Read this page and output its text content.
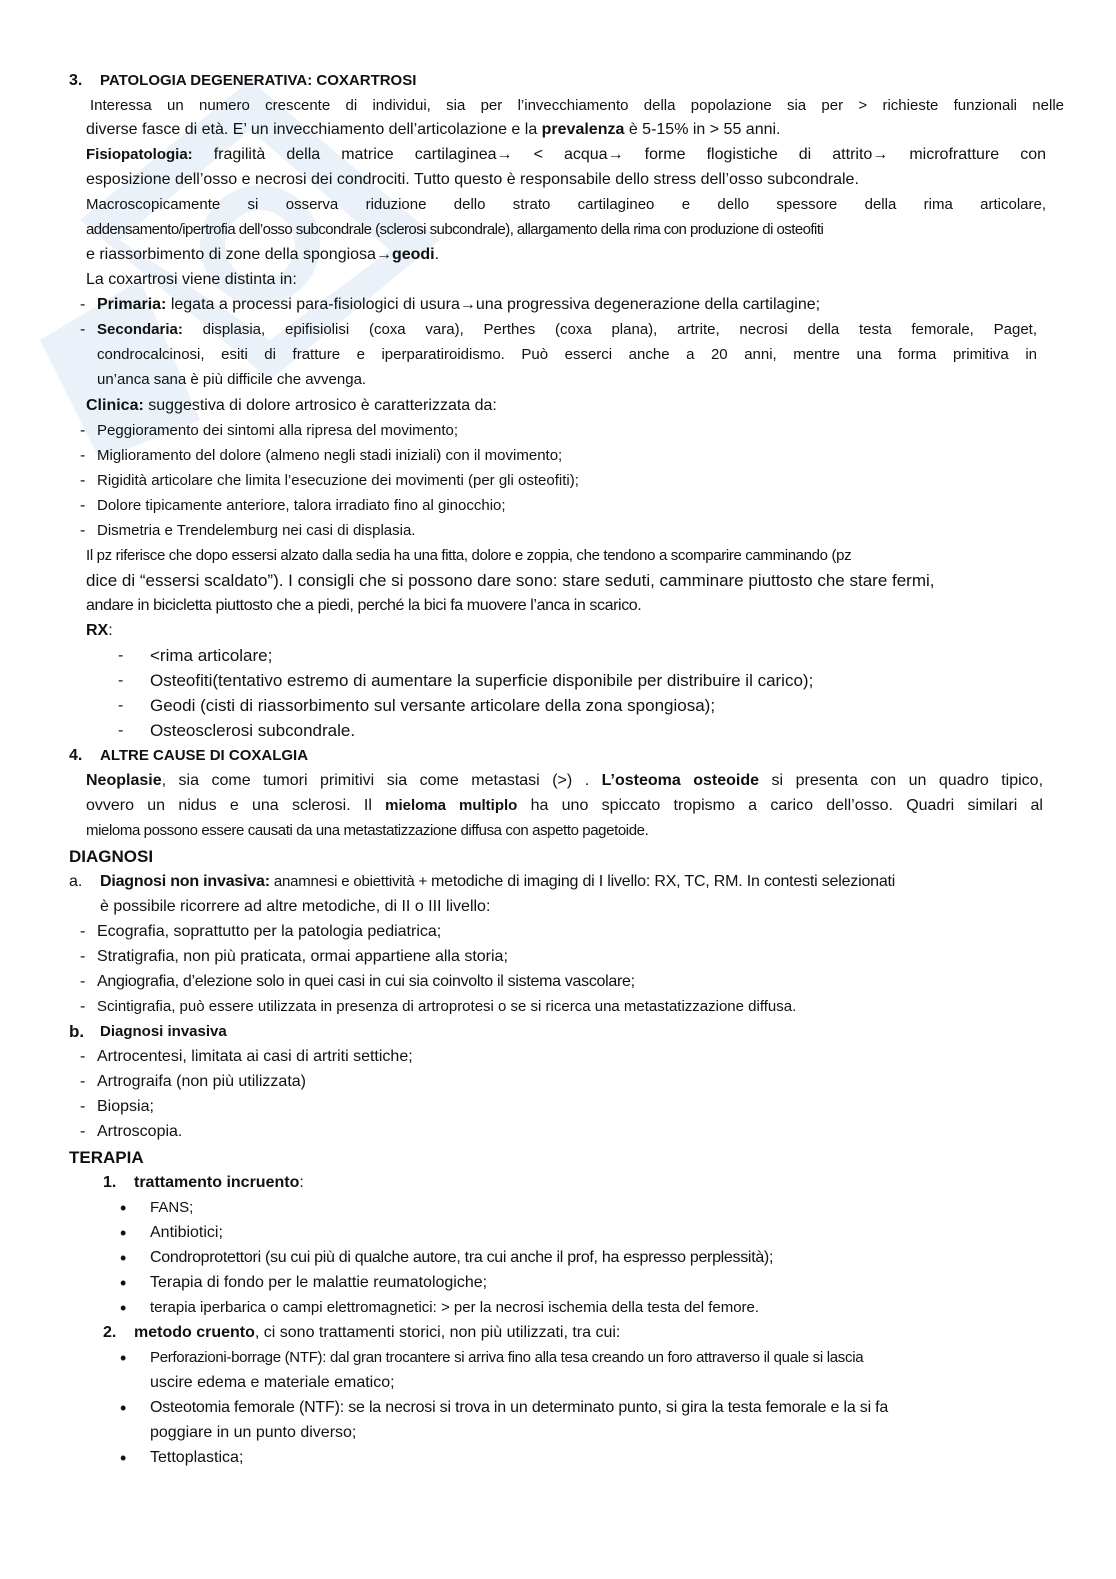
3. PATOLOGIA DEGENERATIVA: COXARTROSI
Interessa un numero crescente di individui, sia per l’invecchiamento della popolazione sia per > richieste funzionali nelle
diverse fasce di età. E’ un invecchiamento dell’articolazione e la prevalenza è 5-15% in > 55 anni.
Fisiopatologia: fragilità della matrice cartilaginea→ < acqua→ forme flogistiche di attrito→ microfratture con
esposizione dell’osso e necrosi dei condrociti. Tutto questo è responsabile dello stress dell’osso subcondrale.
Macroscopicamente si osserva riduzione dello strato cartilagineo e dello spessore della rima articolare,
addensamento/ipertrofia dell’osso subcondrale (sclerosi subcondrale), allargamento della rima con produzione di osteofiti
e riassorbimento di zone della spongiosa→geodi.
La coxartrosi viene distinta in:
- Primaria: legata a processi para-fisiologici di usura→una progressiva degenerazione della cartilagine;
- Secondaria: displasia, epifisiolisi (coxa vara), Perthes (coxa plana), artrite, necrosi della testa femorale, Paget,
condrocalcinosi, esiti di fratture e iperparatiroidismo. Può esserci anche a 20 anni, mentre una forma primitiva in
un’anca sana è più difficile che avvenga.
Clinica: suggestiva di dolore artrosico è caratterizzata da:
- Peggioramento dei sintomi alla ripresa del movimento;
- Miglioramento del dolore (almeno negli stadi iniziali) con il movimento;
- Rigidità articolare che limita l’esecuzione dei movimenti (per gli osteofiti);
- Dolore tipicamente anteriore, talora irradiato fino al ginocchio;
- Dismetria e Trendelemburg nei casi di displasia.
Il pz riferisce che dopo essersi alzato dalla sedia ha una fitta, dolore e zoppia, che tendono a scomparire camminando (pz
dice di “essersi scaldato”). I consigli che si possono dare sono: stare seduti, camminare piuttosto che stare fermi,
andare in bicicletta piuttosto che a piedi, perché la bici fa muovere l’anca in scarico.
RX:
- <rima articolare;
- Osteofiti(tentativo estremo di aumentare la superficie disponibile per distribuire il carico);
- Geodi (cisti di riassorbimento sul versante articolare della zona spongiosa);
- Osteosclerosi subcondrale.
4. ALTRE CAUSE DI COXALGIA
Neoplasie, sia come tumori primitivi sia come metastasi (>) . L’osteoma osteoide si presenta con un quadro tipico,
ovvero un nidus e una sclerosi. Il mieloma multiplo ha uno spiccato tropismo a carico dell’osso. Quadri similari al
mieloma possono essere causati da una metastatizzazione diffusa con aspetto pagetoide.
DIAGNOSI
a. Diagnosi non invasiva: anamnesi e obiettività + metodiche di imaging di I livello: RX, TC, RM. In contesti selezionati
è possibile ricorrere ad altre metodiche, di II o III livello:
- Ecografia, soprattutto per la patologia pediatrica;
- Stratigrafia, non più praticata, ormai appartiene alla storia;
- Angiografia, d’elezione solo in quei casi in cui sia coinvolto il sistema vascolare;
- Scintigrafia, può essere utilizzata in presenza di artroprotesi o se si ricerca una metastatizzazione diffusa.
b. Diagnosi invasiva
- Artrocentesi, limitata ai casi di artriti settiche;
- Artrograifa (non più utilizzata)
- Biopsia;
- Artroscopia.
TERAPIA
1. trattamento incruento:
• FANS;
• Antibiotici;
• Condroprotettori (su cui più di qualche autore, tra cui anche il prof, ha espresso perplessità);
• Terapia di fondo per le malattie reumatologiche;
• terapia iperbarica o campi elettromagnetici: > per la necrosi ischemia della testa del femore.
2. metodo cruento, ci sono trattamenti storici, non più utilizzati, tra cui:
• Perforazioni-borrage (NTF): dal gran trocantere si arriva fino alla tesa creando un foro attraverso il quale si lascia
uscire edema e materiale ematico;
• Osteotomia femorale (NTF): se la necrosi si trova in un determinato punto, si gira la testa femorale e la si fa
poggiare in un punto diverso;
• Tettoplastica;
